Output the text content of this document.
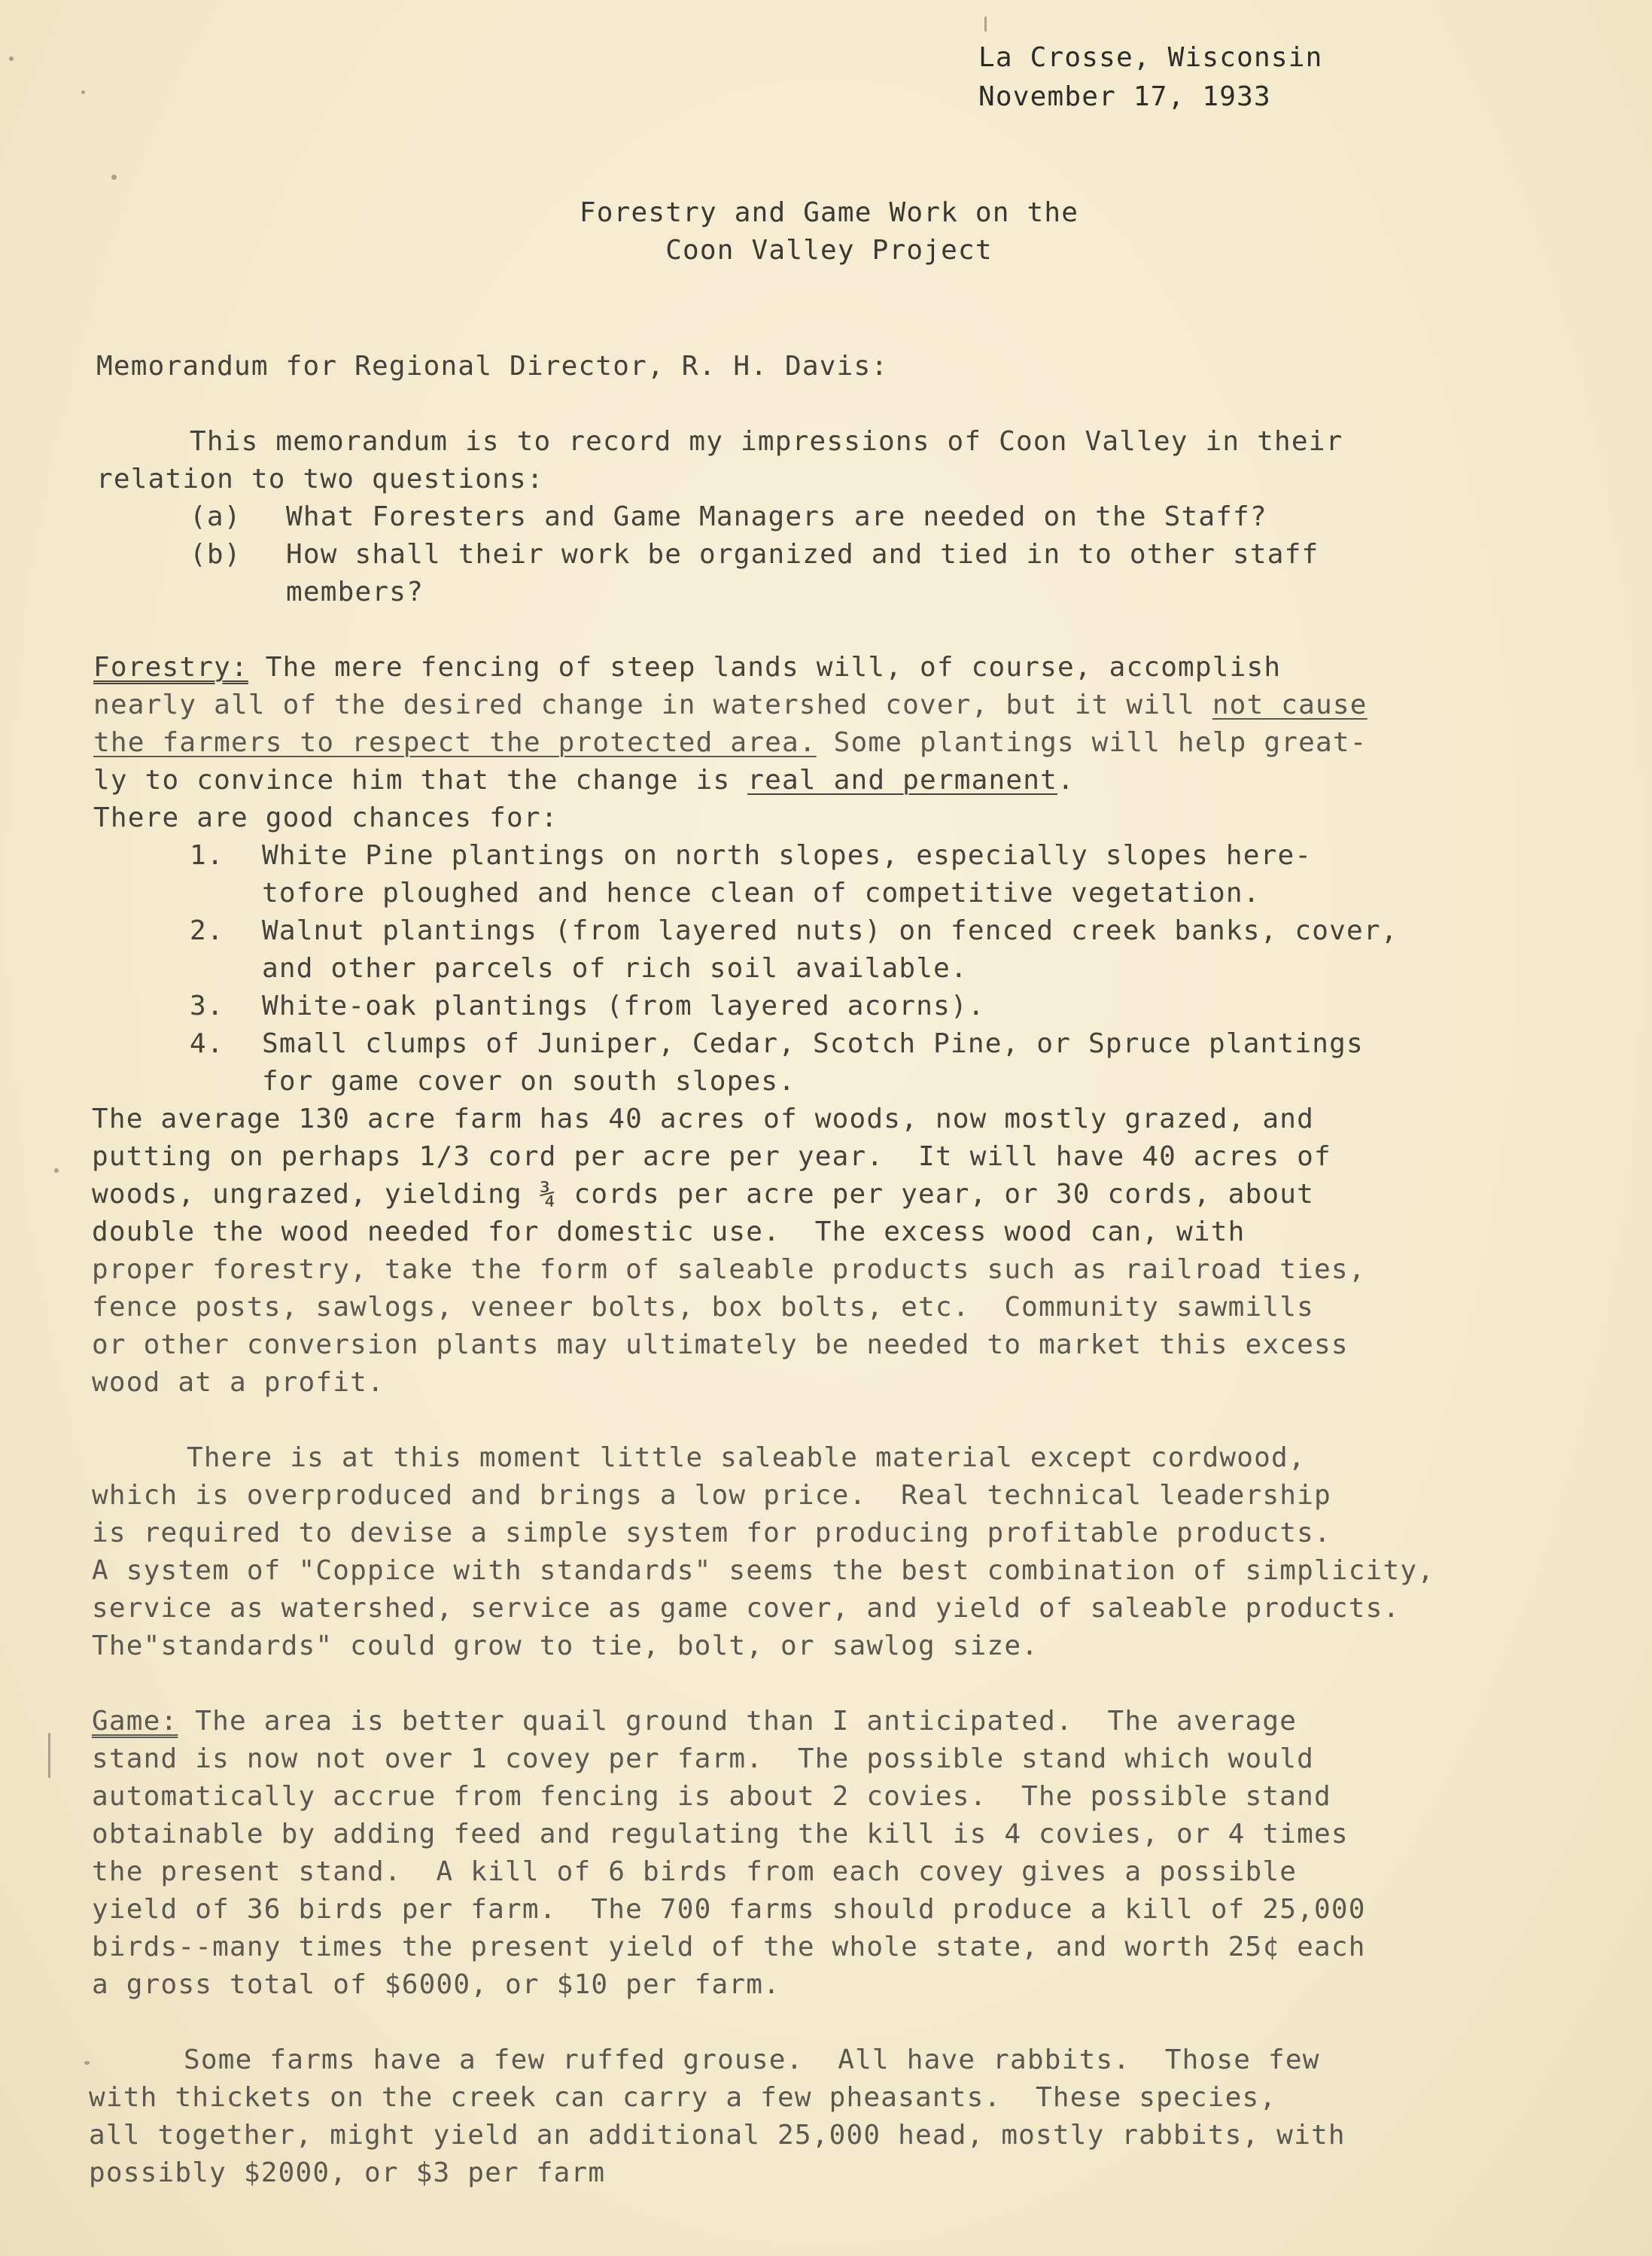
La Crosse, Wisconsin

November 17, 1933

Forestry and Game Work on the

Coon Valley Project

Memorandum for Regional Director, R. H. Davis:

This memorandum is to record my impressions of Coon Valley in their

relation to two questions:

(a) What Foresters and Game Managers are needed on the Staff?

(b) How shall their work be organized and tied in to other staff

members?

Forestry: The mere fencing of steep lands will, of course, accomplish

nearly all of the desired change in watershed cover, but it will not cause

the farmers to respect the protected area. Some plantings will help great-

ly to convince him that the change is real and permanent.

There are good chances for:

1. White Pine plantings on north slopes, especially slopes here-

tofore ploughed and hence clean of competitive vegetation.

2. Walnut plantings (from layered nuts) on fenced creek banks, cover,

and other parcels of rich soil available.

3. White-oak plantings (from layered acorns).

4. Small clumps of Juniper, Cedar, Scotch Pine, or Spruce plantings

for game cover on south slopes.

The average 130 acre farm has 40 acres of woods, now mostly grazed, and

putting on perhaps 1/3 cord per acre per year.  It will have 40 acres of

woods, ungrazed, yielding ¾ cords per acre per year, or 30 cords, about

double the wood needed for domestic use.  The excess wood can, with

proper forestry, take the form of saleable products such as railroad ties,

fence posts, sawlogs, veneer bolts, box bolts, etc.  Community sawmills

or other conversion plants may ultimately be needed to market this excess

wood at a profit.

There is at this moment little saleable material except cordwood,

which is overproduced and brings a low price.  Real technical leadership

is required to devise a simple system for producing profitable products.

A system of "Coppice with standards" seems the best combination of simplicity,

service as watershed, service as game cover, and yield of saleable products.

The"standards" could grow to tie, bolt, or sawlog size.

Game: The area is better quail ground than I anticipated.  The average

stand is now not over 1 covey per farm.  The possible stand which would

automatically accrue from fencing is about 2 covies.  The possible stand

obtainable by adding feed and regulating the kill is 4 covies, or 4 times

the present stand.  A kill of 6 birds from each covey gives a possible

yield of 36 birds per farm.  The 700 farms should produce a kill of 25,000

birds--many times the present yield of the whole state, and worth 25¢ each

a gross total of $6000, or $10 per farm.

Some farms have a few ruffed grouse.  All have rabbits.  Those few

with thickets on the creek can carry a few pheasants.  These species,

all together, might yield an additional 25,000 head, mostly rabbits, with

possibly $2000, or $3 per farm
